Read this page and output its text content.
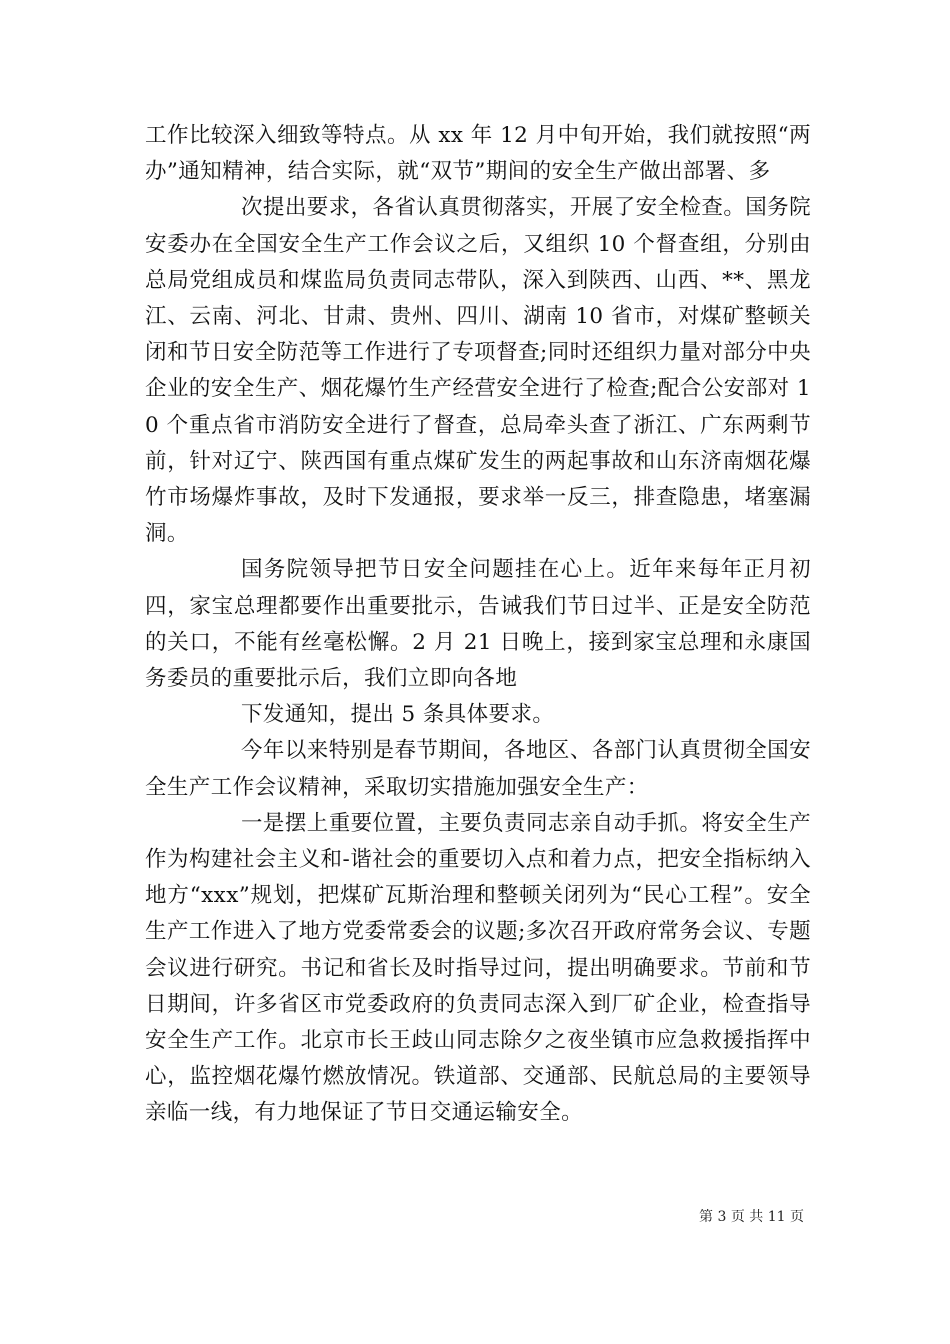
工作比较深入细致等特点。从 xx 年 12 月中旬开始，我们就按照“两办”通知精神，结合实际，就“双节”期间的安全生产做出部署、多

次提出要求，各省认真贯彻落实，开展了安全检查。国务院安委办在全国安全生产工作会议之后，又组织 10 个督查组，分别由总局党组成员和煤监局负责同志带队，深入到陕西、山西、**、黑龙江、云南、河北、甘肃、贵州、四川、湖南 10 省市，对煤矿整顿关闭和节日安全防范等工作进行了专项督查;同时还组织力量对部分中央企业的安全生产、烟花爆竹生产经营安全进行了检查;配合公安部对 10 个重点省市消防安全进行了督查，总局牵头查了浙江、广东两剩节前，针对辽宁、陕西国有重点煤矿发生的两起事故和山东济南烟花爆竹市场爆炸事故，及时下发通报，要求举一反三，排查隐患，堵塞漏洞。

国务院领导把节日安全问题挂在心上。近年来每年正月初四，家宝总理都要作出重要批示，告诫我们节日过半、正是安全防范的关口，不能有丝毫松懈。2 月 21 日晚上，接到家宝总理和永康国务委员的重要批示后，我们立即向各地

下发通知，提出 5 条具体要求。

今年以来特别是春节期间，各地区、各部门认真贯彻全国安全生产工作会议精神，采取切实措施加强安全生产：

一是摆上重要位置，主要负责同志亲自动手抓。将安全生产作为构建社会主义和-谐社会的重要切入点和着力点，把安全指标纳入地方“xxx”规划，把煤矿瓦斯治理和整顿关闭列为“民心工程”。安全生产工作进入了地方党委常委会的议题;多次召开政府常务会议、专题会议进行研究。书记和省长及时指导过问，提出明确要求。节前和节日期间，许多省区市党委政府的负责同志深入到厂矿企业，检查指导安全生产工作。北京市长王歧山同志除夕之夜坐镇市应急救援指挥中心，监控烟花爆竹燃放情况。铁道部、交通部、民航总局的主要领导亲临一线，有力地保证了节日交通运输安全。

第 3 页 共 11 页
